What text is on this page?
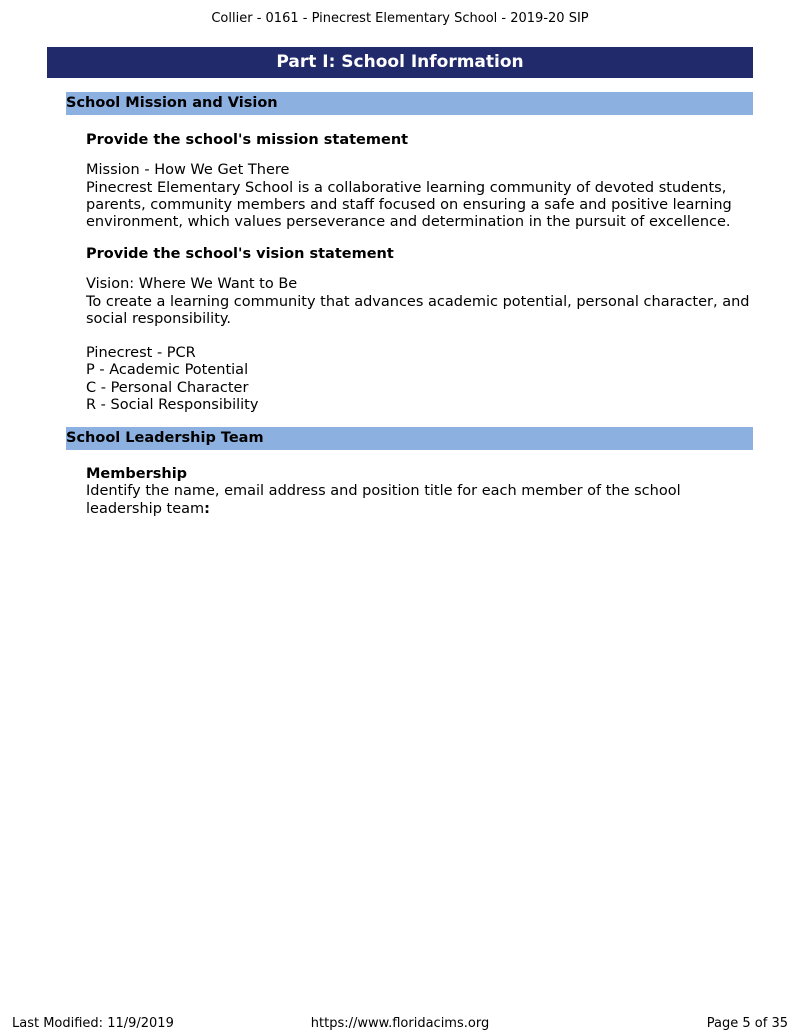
Collier - 0161 - Pinecrest Elementary School - 2019-20 SIP
Part I: School Information
School Mission and Vision
Provide the school's mission statement
Mission - How We Get There
Pinecrest Elementary School is a collaborative learning community of devoted students, parents, community members and staff focused on ensuring a safe and positive learning environment, which values perseverance and determination in the pursuit of excellence.
Provide the school's vision statement
Vision: Where We Want to Be
To create a learning community that advances academic potential, personal character, and social responsibility.
Pinecrest - PCR
P - Academic Potential
C - Personal Character
R - Social Responsibility
School Leadership Team
Membership
Identify the name, email address and position title for each member of the school leadership team:
https://www.floridacims.org
Last Modified: 11/9/2019	Page 5 of 35
